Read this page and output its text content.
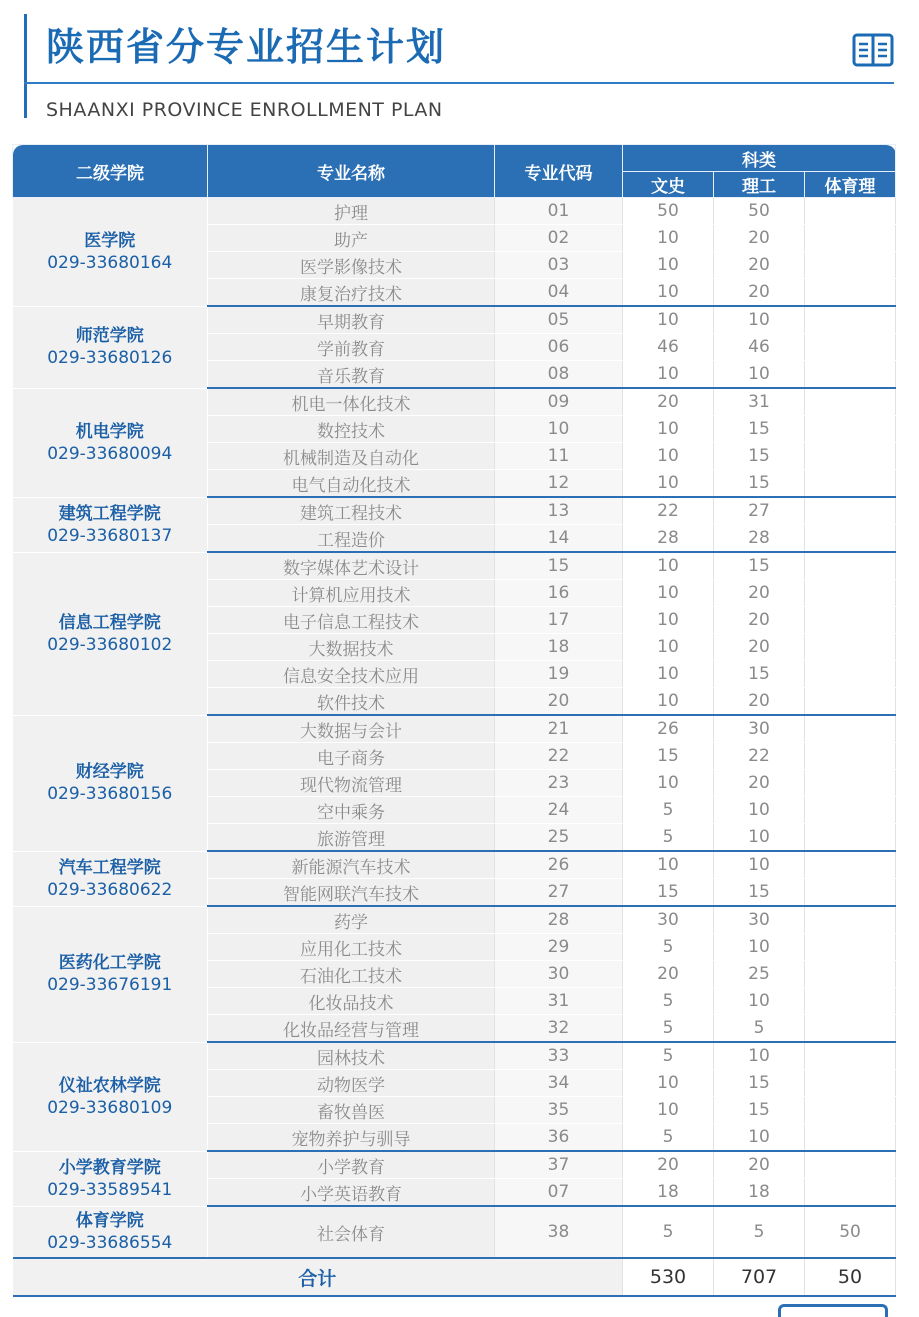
陕西省分专业招生计划
SHAANXI PROVINCE ENROLLMENT PLAN
二级学院	专业名称	专业代码	科类		
			文史	理工	体育理

医学院
029-33680164	护理	01	50	50	
	助产	02	10	20	
	医学影像技术	03	10	20	
	康复治疗技术	04	10	20	

师范学院
029-33680126	早期教育	05	10	10	
	学前教育	06	46	46	
	音乐教育	08	10	10	

机电学院
029-33680094	机电一体化技术	09	20	31	
	数控技术	10	10	15	
	机械制造及自动化	11	10	15	
	电气自动化技术	12	10	15	

建筑工程学院
029-33680137	建筑工程技术	13	22	27	
	工程造价	14	28	28	

信息工程学院
029-33680102	数字媒体艺术设计	15	10	15	
	计算机应用技术	16	10	20	
	电子信息工程技术	17	10	20	
	大数据技术	18	10	20	
	信息安全技术应用	19	10	15	
	软件技术	20	10	20	

财经学院
029-33680156	大数据与会计	21	26	30	
	电子商务	22	15	22	
	现代物流管理	23	10	20	
	空中乘务	24	5	10	
	旅游管理	25	5	10	

汽车工程学院
029-33680622	新能源汽车技术	26	10	10	
	智能网联汽车技术	27	15	15	

医药化工学院
029-33676191	药学	28	30	30	
	应用化工技术	29	5	10	
	石油化工技术	30	20	25	
	化妆品技术	31	5	10	
	化妆品经营与管理	32	5	5	

仪祉农林学院
029-33680109	园林技术	33	5	10	
	动物医学	34	10	15	
	畜牧兽医	35	10	15	
	宠物养护与驯导	36	5	10	

小学教育学院
029-33589541	小学教育	37	20	20	
	小学英语教育	07	18	18	

体育学院
029-33686554	社会体育	38	5	5	50
合计			530	707	50
